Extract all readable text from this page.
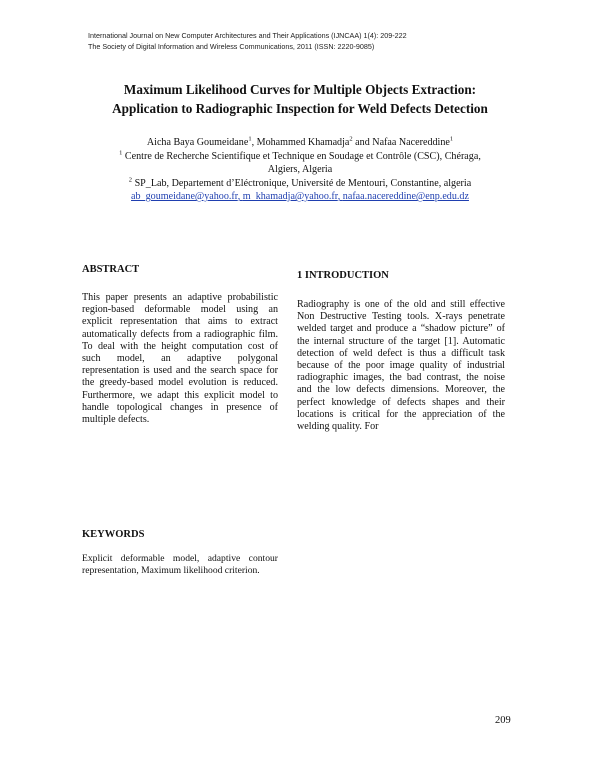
International Journal on New Computer Architectures and Their Applications (IJNCAA) 1(4): 209-222
The Society of Digital Information and Wireless Communications, 2011 (ISSN: 2220-9085)
Maximum Likelihood Curves for Multiple Objects Extraction:
Application to Radiographic Inspection for Weld Defects Detection
Aicha Baya Goumeidane$^1$, Mohammed Khamadja$^2$ and Nafaa Nacereddine$^1$
$^1$ Centre de Recherche Scientifique et Technique en Soudage et Contrôle (CSC), Chéraga,
Algiers, Algeria
$^2$ SP_Lab, Departement d’Eléctronique, Université de Mentouri, Constantine, algeria
ab_goumeidane@yahoo.fr, m_khamadja@yahoo.fr, nafaa.nacereddine@enp.edu.dz
ABSTRACT
This paper presents an adaptive probabilistic region-based deformable model using an explicit representation that aims to extract automatically defects from a radiographic film. To deal with the height computation cost of such model, an adaptive polygonal representation is used and the search space for the greedy-based model evolution is reduced. Furthermore, we adapt this explicit model to handle topological changes in presence of multiple defects.
KEYWORDS
Explicit deformable model, adaptive contour representation, Maximum likelihood criterion.
1 INTRODUCTION
Radiography is one of the old and still effective Non Destructive Testing tools. X-rays penetrate welded target and produce a “shadow picture” of the internal structure of the target [1]. Automatic detection of weld defect is thus a difficult task because of the poor image quality of industrial radiographic images, the bad contrast, the noise and the low defects dimensions. Moreover, the perfect knowledge of defects shapes and their locations is critical for the appreciation of the welding quality. For
209
